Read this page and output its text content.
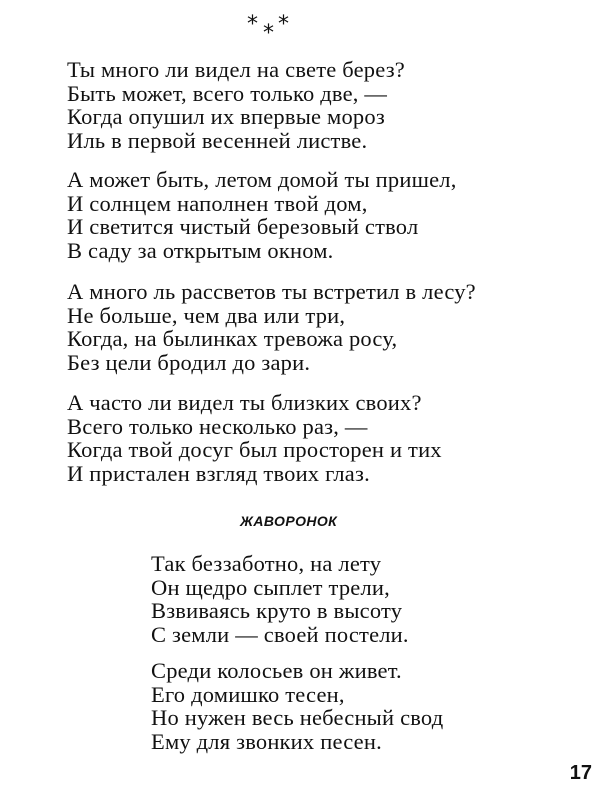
* * *

Ты много ли видел на свете берез?
Быть может, всего только две, —
Когда опушил их впервые мороз
Иль в первой весенней листве.

А может быть, летом домой ты пришел,
И солнцем наполнен твой дом,
И светится чистый березовый ствол
В саду за открытым окном.

А много ль рассветов ты встретил в лесу?
Не больше, чем два или три,
Когда, на былинках тревожа росу,
Без цели бродил до зари.

А часто ли видел ты близких своих?
Всего только несколько раз, —
Когда твой досуг был просторен и тих
И пристален взгляд твоих глаз.

ЖАВОРОНОК

Так беззаботно, на лету
Он щедро сыплет трели,
Взвиваясь круто в высоту
С земли — своей постели.

Среди колосьев он живет.
Его домишко тесен,
Но нужен весь небесный свод
Ему для звонких песен.

17
